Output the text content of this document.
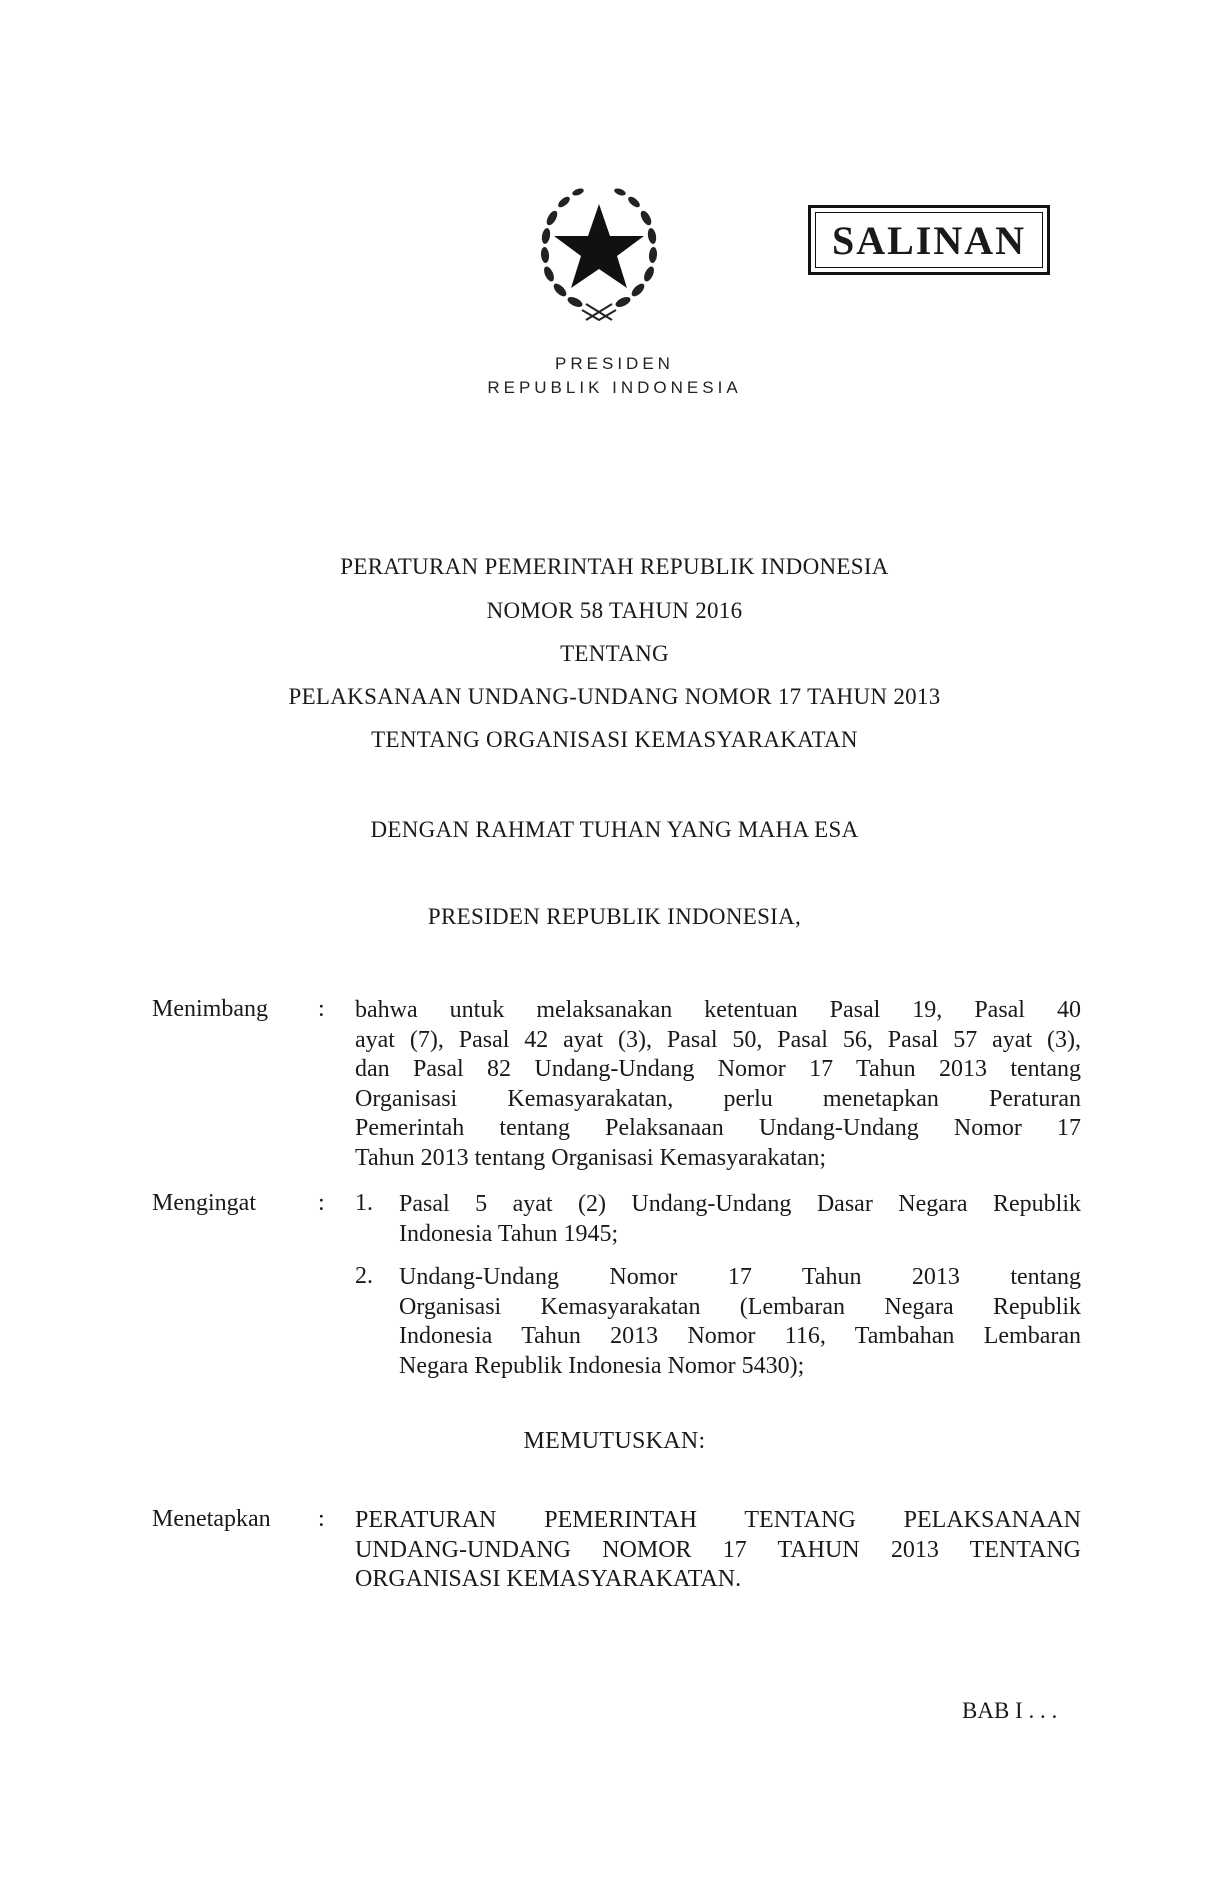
SALINAN
PRESIDEN
REPUBLIK INDONESIA
PERATURAN PEMERINTAH REPUBLIK INDONESIA
NOMOR 58 TAHUN 2016
TENTANG
PELAKSANAAN UNDANG-UNDANG NOMOR 17 TAHUN 2013
TENTANG ORGANISASI KEMASYARAKATAN
DENGAN RAHMAT TUHAN YANG MAHA ESA
PRESIDEN REPUBLIK INDONESIA,
Menimbang : bahwa untuk melaksanakan ketentuan Pasal 19, Pasal 40
ayat (7), Pasal 42 ayat (3), Pasal 50, Pasal 56, Pasal 57 ayat (3),
dan Pasal 82 Undang-Undang Nomor 17 Tahun 2013 tentang
Organisasi Kemasyarakatan, perlu menetapkan Peraturan
Pemerintah tentang Pelaksanaan Undang-Undang Nomor 17
Tahun 2013 tentang Organisasi Kemasyarakatan;
Mengingat	: 1. Pasal 5 ayat (2) Undang-Undang Dasar Negara Republik
Indonesia Tahun 1945;
2. Undang-Undang Nomor 17 Tahun 2013 tentang
Organisasi Kemasyarakatan (Lembaran Negara Republik
Indonesia Tahun 2013 Nomor 116, Tambahan Lembaran
Negara Republik Indonesia Nomor 5430);
MEMUTUSKAN:
Menetapkan : PERATURAN PEMERINTAH TENTANG PELAKSANAAN
UNDANG-UNDANG NOMOR 17 TAHUN 2013 TENTANG
ORGANISASI KEMASYARAKATAN.
BAB I . . .
